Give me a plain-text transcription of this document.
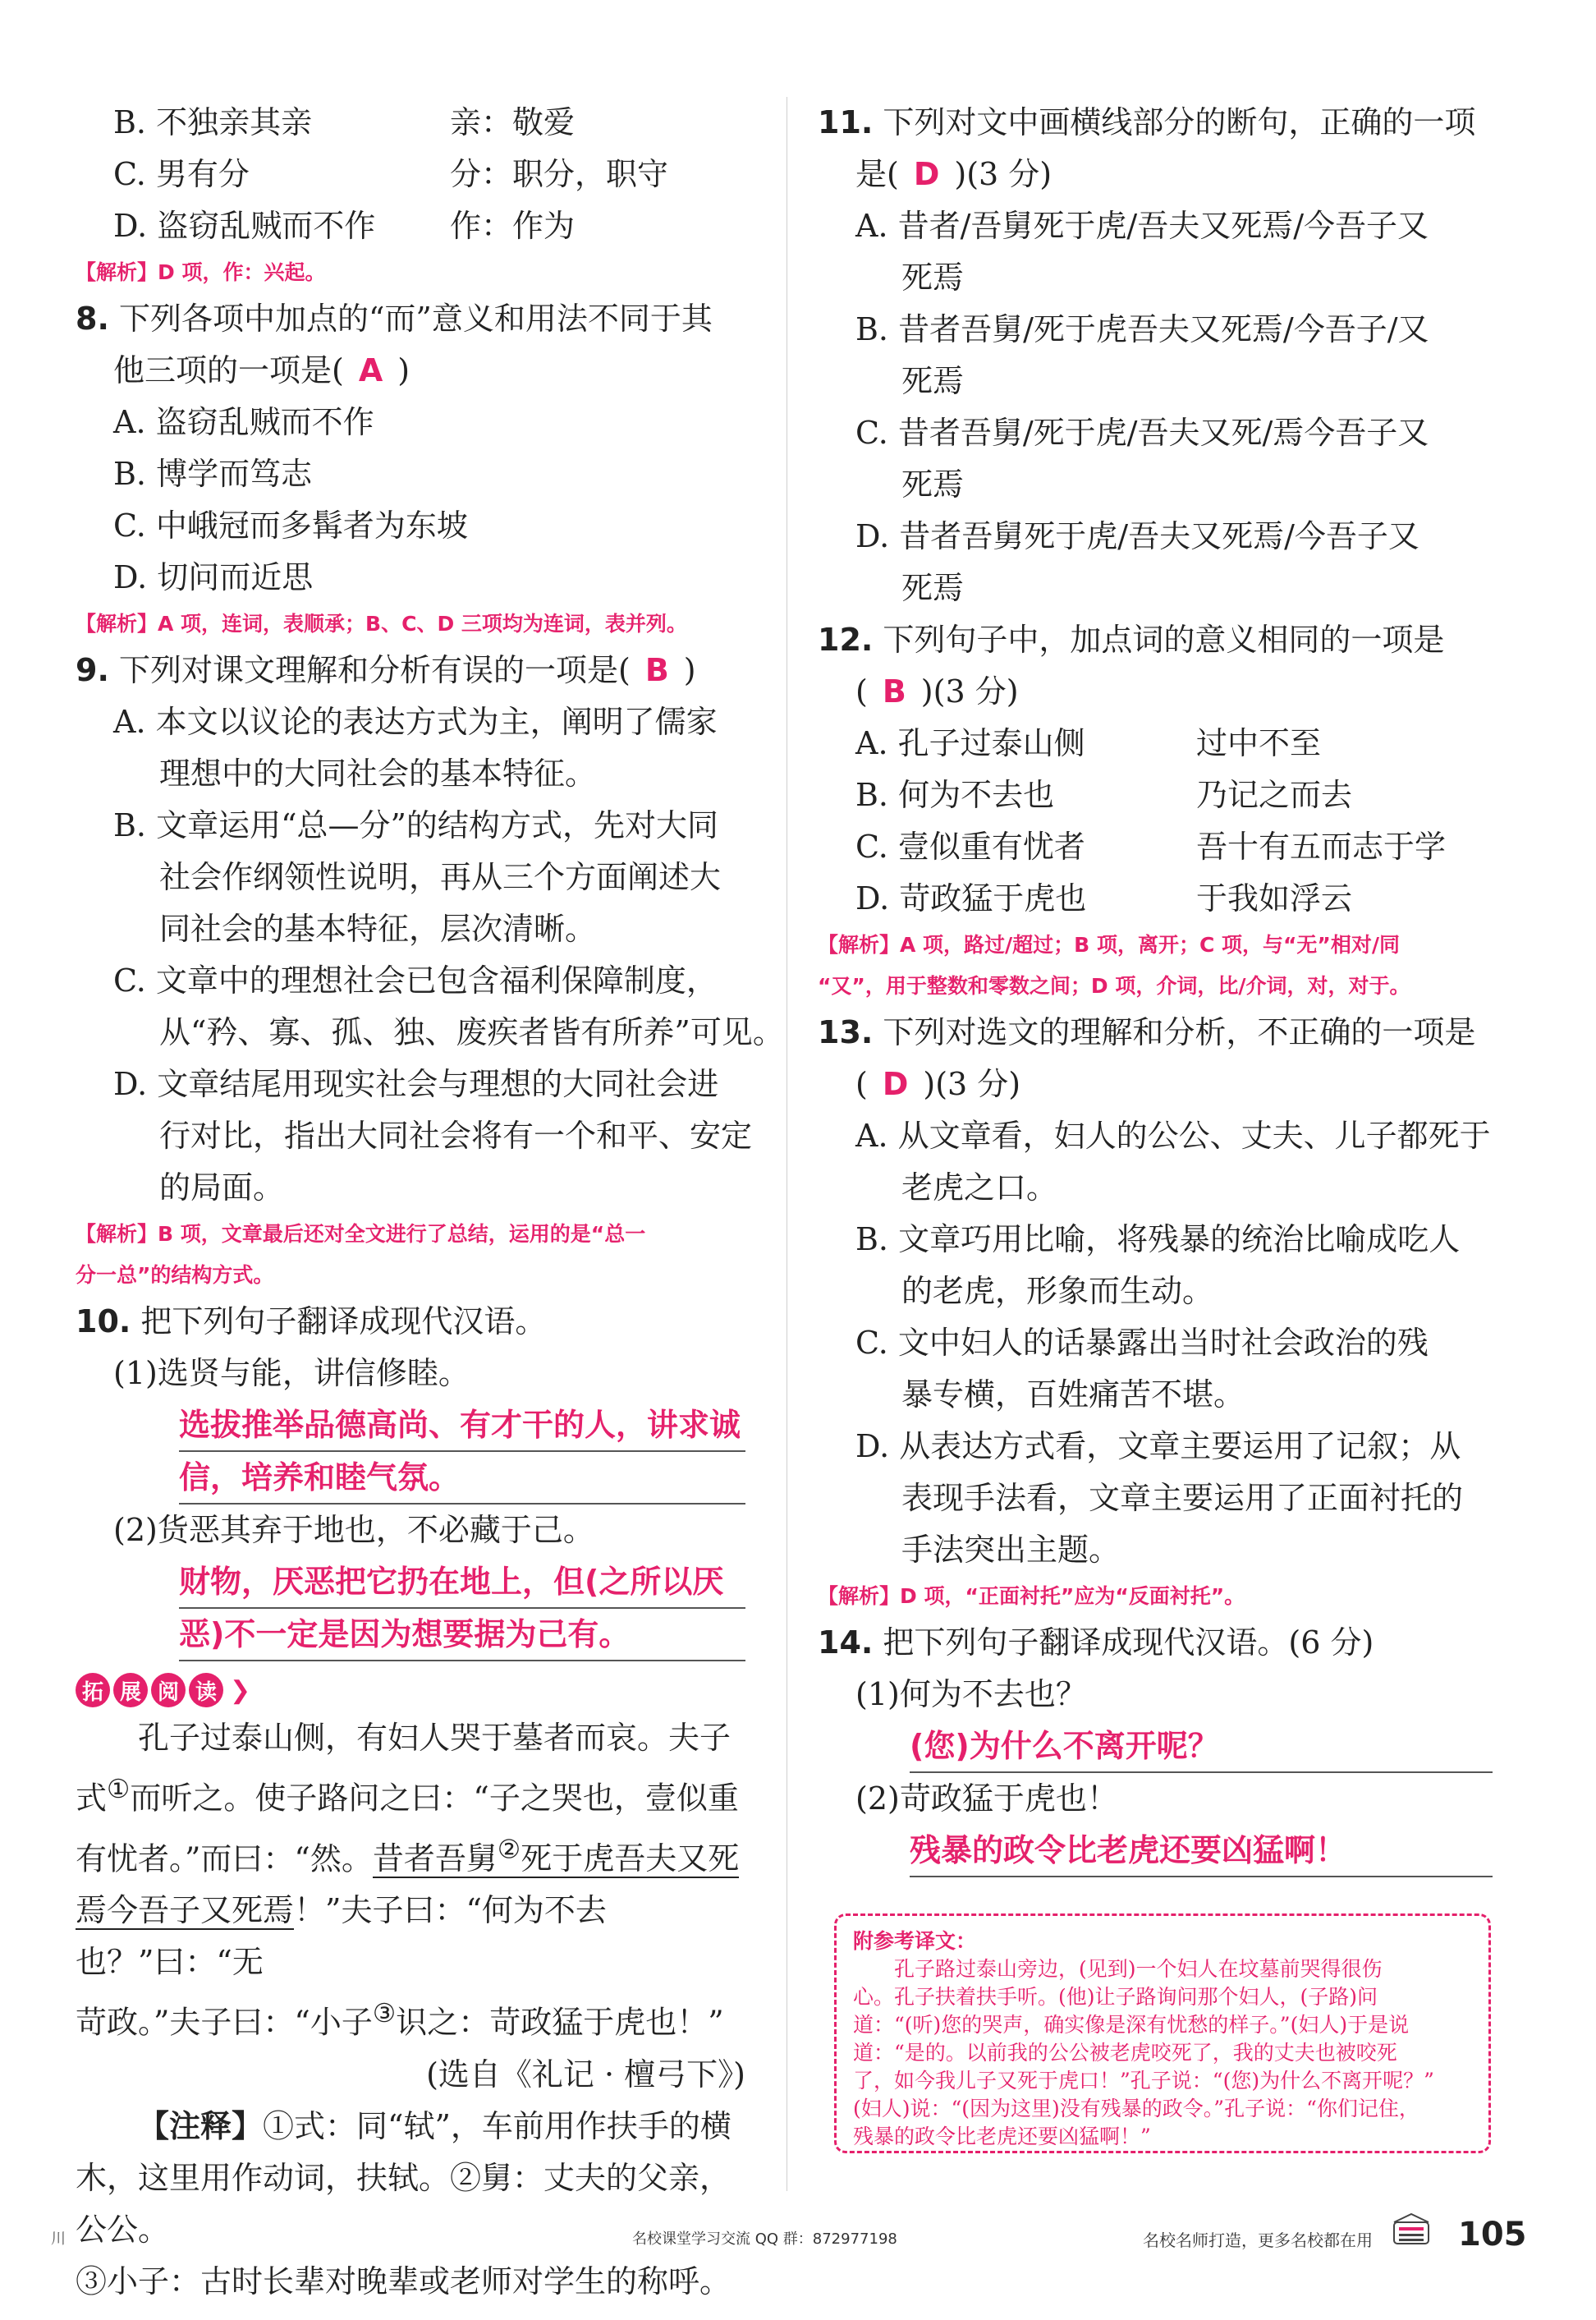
B. 不独亲其亲	亲：敬爱
C. 男有分	分：职分，职守
D. 盗窃乱贼而不作	作：作为
【解析】D 项，作：兴起。
8. 下列各项中加点的“而”意义和用法不同于其
他三项的一项是( A )
A. 盗窃乱贼而不作
B. 博学而笃志
C. 中峨冠而多髯者为东坡
D. 切问而近思
【解析】A 项，连词，表顺承；B、C、D 三项均为连词，表并列。
9. 下列对课文理解和分析有误的一项是( B )
A. 本文以议论的表达方式为主，阐明了儒家
理想中的大同社会的基本特征。
B. 文章运用“总—分”的结构方式，先对大同
社会作纲领性说明，再从三个方面阐述大
同社会的基本特征，层次清晰。
C. 文章中的理想社会已包含福利保障制度，
从“矜、寡、孤、独、废疾者皆有所养”可见。
D. 文章结尾用现实社会与理想的大同社会进
行对比，指出大同社会将有一个和平、安定
的局面。
【解析】B 项，文章最后还对全文进行了总结，运用的是“总一
分一总”的结构方式。
10. 把下列句子翻译成现代汉语。
(1)选贤与能，讲信修睦。
选拔推举品德高尚、有才干的人，讲求诚
信，培养和睦气氛。
(2)货恶其弃于地也，不必藏于己。
财物，厌恶把它扔在地上，但(之所以厌
恶)不一定是因为想要据为己有。
拓 展 阅 读 ❯
孔子过泰山侧，有妇人哭于墓者而哀。夫子
式①而听之。使子路问之曰：“子之哭也，壹似重
有忧者。”而曰：“然。昔者吾舅②死于虎吾夫又死
焉今吾子又死焉！”夫子曰：“何为不去也？”曰：“无
苛政。”夫子曰：“小子③识之：苛政猛于虎也！”
(选自《礼记 · 檀弓下》)
【注释】①式：同“轼”，车前用作扶手的横
木，这里用作动词，扶轼。②舅：丈夫的父亲，公公。
③小子：古时长辈对晚辈或老师对学生的称呼。
11. 下列对文中画横线部分的断句，正确的一项
是( D )(3 分)
A. 昔者/吾舅死于虎/吾夫又死焉/今吾子又
死焉
B. 昔者吾舅/死于虎吾夫又死焉/今吾子/又
死焉
C. 昔者吾舅/死于虎/吾夫又死/焉今吾子又
死焉
D. 昔者吾舅死于虎/吾夫又死焉/今吾子又
死焉
12. 下列句子中，加点词的意义相同的一项是
( B )(3 分)
A. 孔子过泰山侧	过中不至
B. 何为不去也	乃记之而去
C. 壹似重有忧者	吾十有五而志于学
D. 苛政猛于虎也	于我如浮云
【解析】A 项，路过/超过；B 项，离开；C 项，与“无”相对/同
“又”，用于整数和零数之间；D 项，介词，比/介词，对，对于。
13. 下列对选文的理解和分析，不正确的一项是
( D )(3 分)
A. 从文章看，妇人的公公、丈夫、儿子都死于
老虎之口。
B. 文章巧用比喻，将残暴的统治比喻成吃人
的老虎，形象而生动。
C. 文中妇人的话暴露出当时社会政治的残
暴专横，百姓痛苦不堪。
D. 从表达方式看，文章主要运用了记叙；从
表现手法看，文章主要运用了正面衬托的
手法突出主题。
【解析】D 项，“正面衬托”应为“反面衬托”。
14. 把下列句子翻译成现代汉语。(6 分)
(1)何为不去也？
(您)为什么不离开呢？
(2)苛政猛于虎也！
残暴的政令比老虎还要凶猛啊！
附参考译文：
孔子路过泰山旁边，(见到)一个妇人在坟墓前哭得很伤
心。孔子扶着扶手听。(他)让子路询问那个妇人，(子路)问
道：“(听)您的哭声，确实像是深有忧愁的样子。”(妇人)于是说
道：“是的。以前我的公公被老虎咬死了，我的丈夫也被咬死
了，如今我儿子又死于虎口！”孔子说：“(您)为什么不离开呢？”
(妇人)说：“(因为这里)没有残暴的政令。”孔子说：“你们记住，
残暴的政令比老虎还要凶猛啊！”
川	名校课堂学习交流 QQ 群：872977198	名校名师打造，更多名校都在用	105
